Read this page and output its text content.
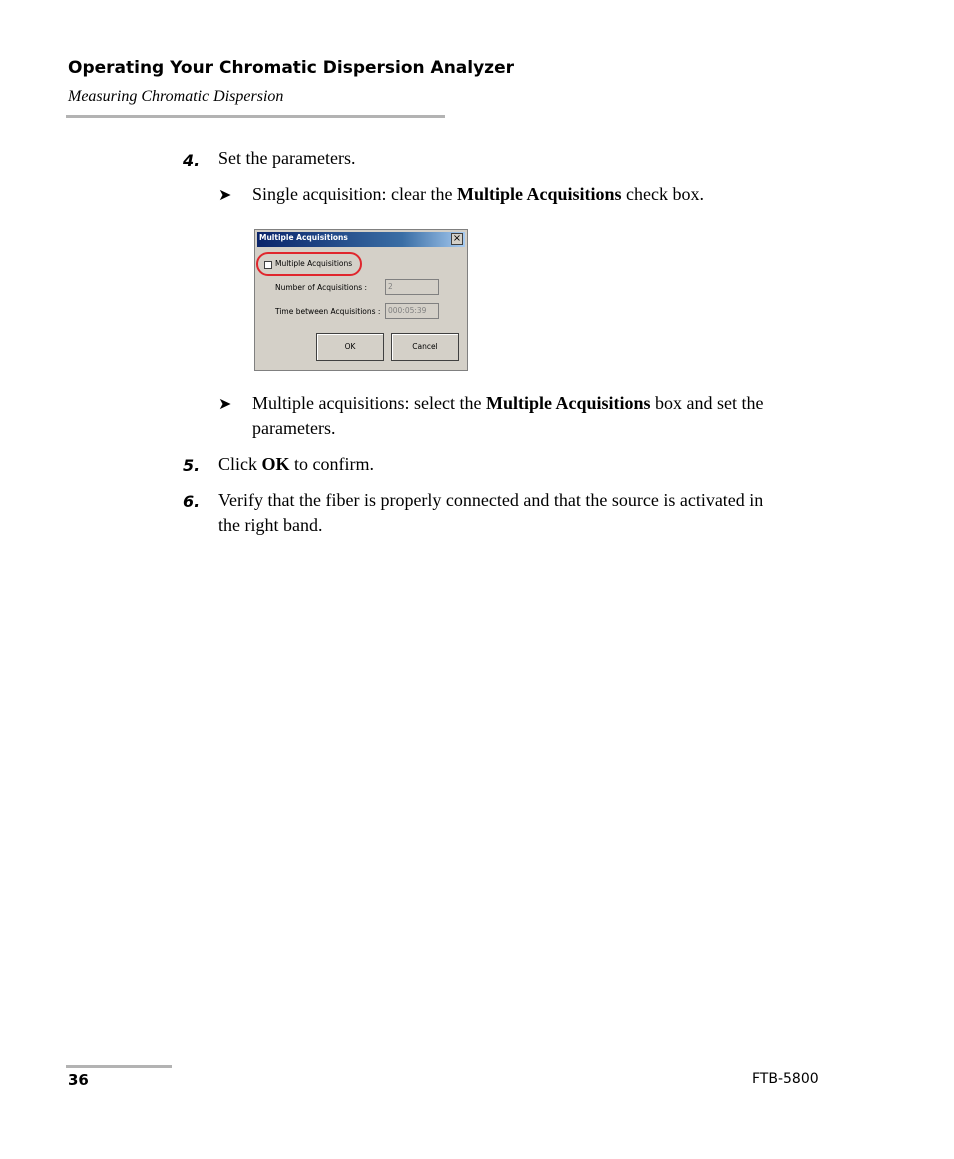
Operating Your Chromatic Dispersion Analyzer
Measuring Chromatic Dispersion
4. Set the parameters.
➤ Single acquisition: clear the Multiple Acquisitions check box.
Multiple Acquisitions	×
Multiple Acquisitions
Number of Acquisitions :	2
Time between Acquisitions :	000:05:39
OK	Cancel
➤ Multiple acquisitions: select the Multiple Acquisitions box and set the parameters.
5. Click OK to confirm.
6. Verify that the fiber is properly connected and that the source is activated in the right band.
36	FTB-5800
